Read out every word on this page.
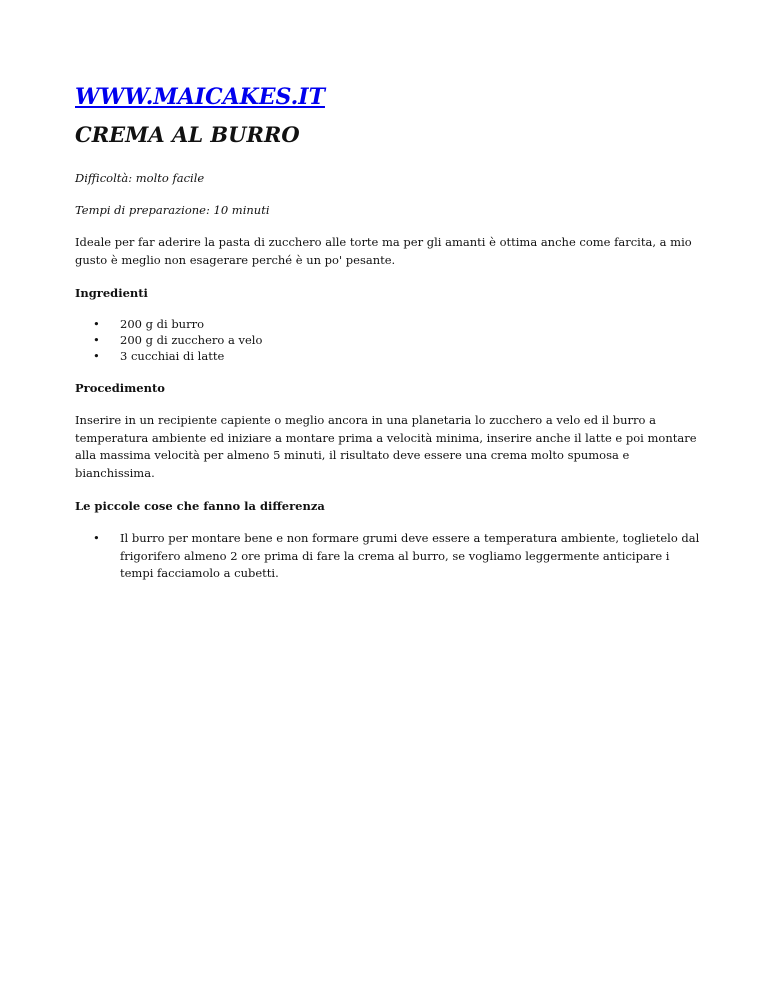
WWW.MAICAKES.IT
CREMA AL BURRO

Difficoltà: molto facile

Tempi di preparazione: 10 minuti

Ideale per far aderire la pasta di zucchero alle torte ma per gli amanti è ottima anche come farcita, a mio gusto è meglio non esagerare perché è un po' pesante.

Ingredienti

• 200 g di burro
• 200 g di zucchero a velo
• 3 cucchiai di latte

Procedimento

Inserire in un recipiente capiente o meglio ancora in una planetaria lo zucchero a velo ed il burro a temperatura ambiente ed iniziare a montare prima a velocità minima, inserire anche il latte e poi montare alla massima velocità per almeno 5 minuti, il risultato deve essere una crema molto spumosa e bianchissima.

Le piccole cose che fanno la differenza

• Il burro per montare bene e non formare grumi deve essere a temperatura ambiente, toglietelo dal frigorifero almeno 2 ore prima di fare la crema al burro, se vogliamo leggermente anticipare i tempi facciamolo a cubetti.
